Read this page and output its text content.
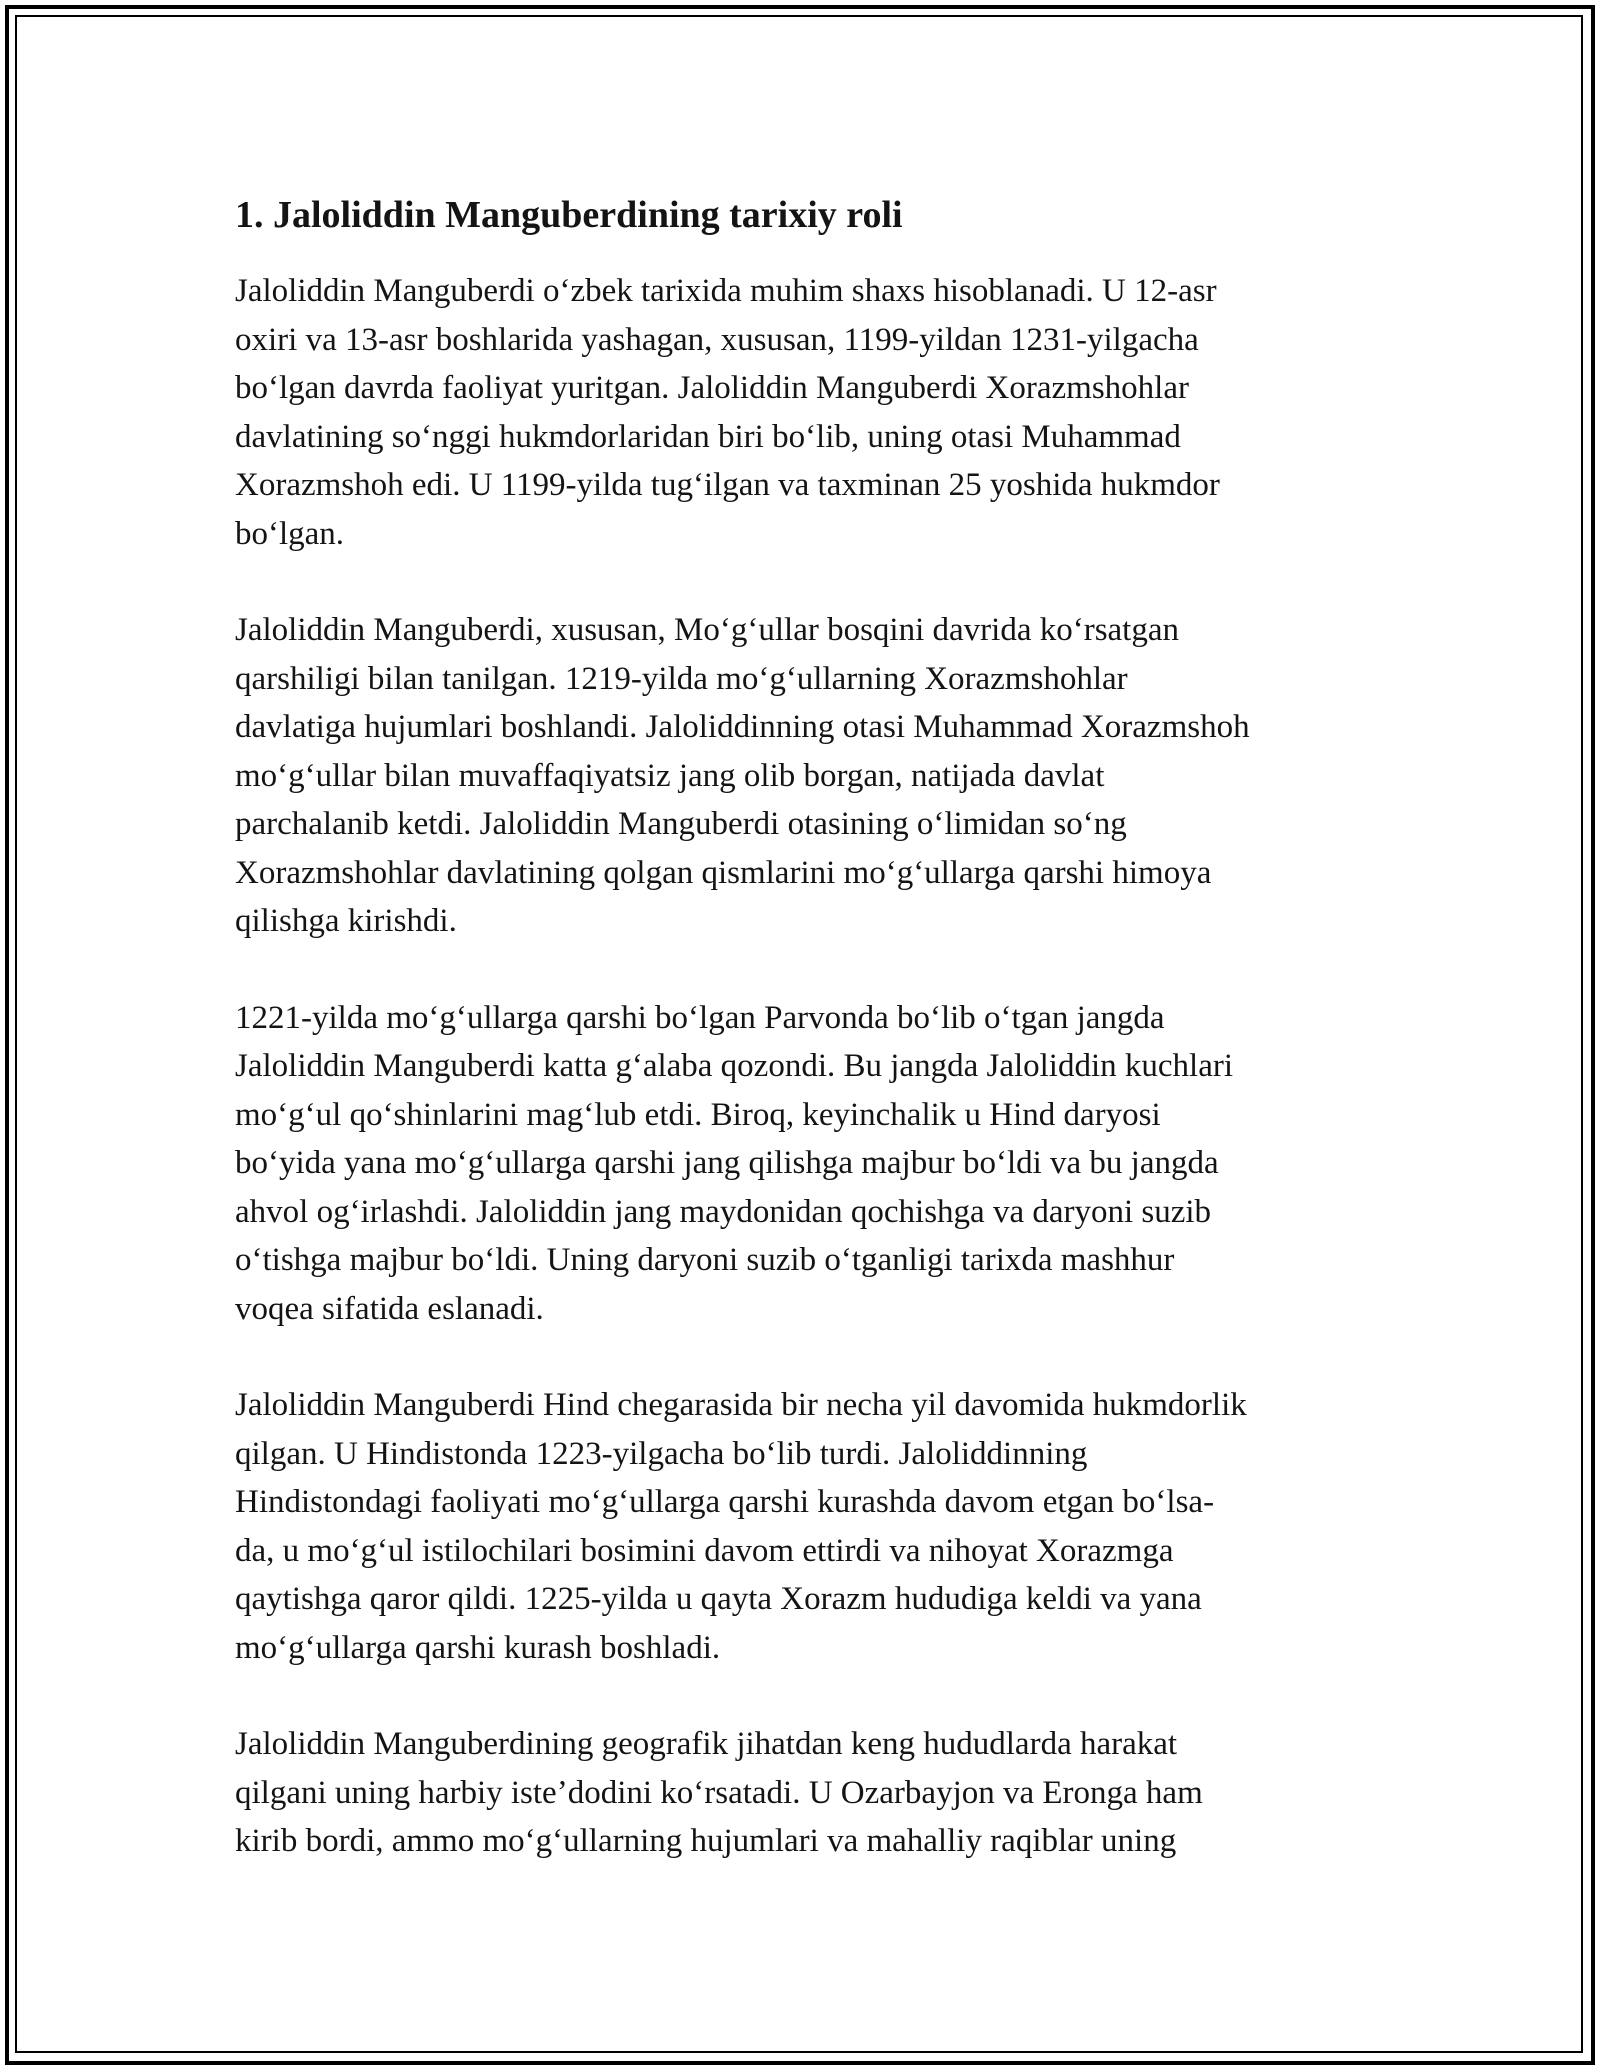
1. Jaloliddin Manguberdining tarixiy roli

Jaloliddin Manguberdi oʻzbek tarixida muhim shaxs hisoblanadi. U 12-asr
oxiri va 13-asr boshlarida yashagan, xususan, 1199-yildan 1231-yilgacha
boʻlgan davrda faoliyat yuritgan. Jaloliddin Manguberdi Xorazmshohlar
davlatining soʻnggi hukmdorlaridan biri boʻlib, uning otasi Muhammad
Xorazmshoh edi. U 1199-yilda tugʻilgan va taxminan 25 yoshida hukmdor
boʻlgan.

Jaloliddin Manguberdi, xususan, Moʻgʻullar bosqini davrida koʻrsatgan
qarshiligi bilan tanilgan. 1219-yilda moʻgʻullarning Xorazmshohlar
davlatiga hujumlari boshlandi. Jaloliddinning otasi Muhammad Xorazmshoh
moʻgʻullar bilan muvaffaqiyatsiz jang olib borgan, natijada davlat
parchalanib ketdi. Jaloliddin Manguberdi otasining oʻlimidan soʻng
Xorazmshohlar davlatining qolgan qismlarini moʻgʻullarga qarshi himoya
qilishga kirishdi.

1221-yilda moʻgʻullarga qarshi boʻlgan Parvonda boʻlib oʻtgan jangda
Jaloliddin Manguberdi katta gʻalaba qozondi. Bu jangda Jaloliddin kuchlari
moʻgʻul qoʻshinlarini magʻlub etdi. Biroq, keyinchalik u Hind daryosi
boʻyida yana moʻgʻullarga qarshi jang qilishga majbur boʻldi va bu jangda
ahvol ogʻirlashdi. Jaloliddin jang maydonidan qochishga va daryoni suzib
oʻtishga majbur boʻldi. Uning daryoni suzib oʻtganligi tarixda mashhur
voqea sifatida eslanadi.

Jaloliddin Manguberdi Hind chegarasida bir necha yil davomida hukmdorlik
qilgan. U Hindistonda 1223-yilgacha boʻlib turdi. Jaloliddinning
Hindistondagi faoliyati moʻgʻullarga qarshi kurashda davom etgan boʻlsa-
da, u moʻgʻul istilochilari bosimini davom ettirdi va nihoyat Xorazmga
qaytishga qaror qildi. 1225-yilda u qayta Xorazm hududiga keldi va yana
moʻgʻullarga qarshi kurash boshladi.

Jaloliddin Manguberdining geografik jihatdan keng hududlarda harakat
qilgani uning harbiy isteʼdodini koʻrsatadi. U Ozarbayjon va Eronga ham
kirib bordi, ammo moʻgʻullarning hujumlari va mahalliy raqiblar uning
